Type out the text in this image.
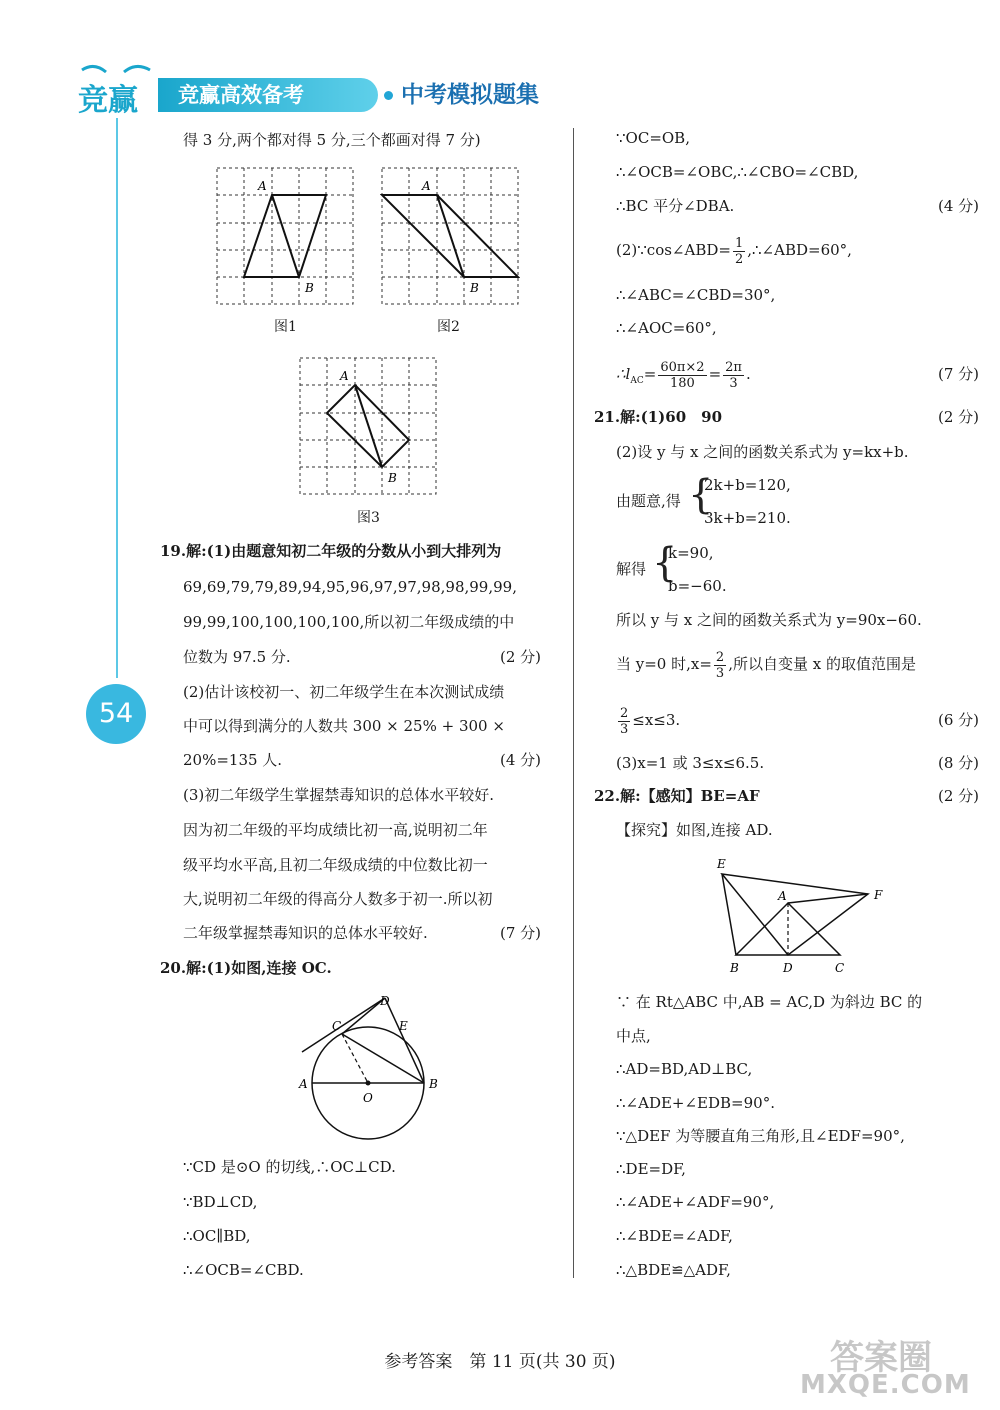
竞赢	竞赢高效备考	中考模拟题集
54
得 3 分,两个都对得 5 分,三个都画对得 7 分)
A
B
图1
A
B
图2
A
B
图3
19.解:(1)由题意知初二年级的分数从小到大排列为
69,69,79,79,89,94,95,96,97,97,98,98,99,99,
99,99,100,100,100,100,所以初二年级成绩的中
位数为 97.5 分.	(2 分)
(2)估计该校初一、初二年级学生在本次测试成绩
中可以得到满分的人数共 300 × 25% + 300 ×
20%=135 人.	(4 分)
(3)初二年级学生掌握禁毒知识的总体水平较好.
因为初二年级的平均成绩比初一高,说明初二年
级平均水平高,且初二年级成绩的中位数比初一
大,说明初二年级的得高分人数多于初一.所以初
二年级掌握禁毒知识的总体水平较好.	(7 分)
20.解:(1)如图,连接 OC.
A	B
C
D
E
O
∵CD 是⊙O 的切线,∴OC⊥CD.
∵BD⊥CD,
∴OC∥BD,
∴∠OCB=∠CBD.
∵OC=OB,
∴∠OCB=∠OBC,∴∠CBO=∠CBD,
∴BC 平分∠DBA.	(4 分)
(2)∵cos∠ABD= $\frac{1}{2}$ ,∴∠ABD=60°,
∴∠ABC=∠CBD=30°,
∴∠AOC=60°,
$\therefore l_{AC}= \frac{60\pi\times 2}{180} = \frac{2\pi}{3}$ .	(7 分)
21.解:(1)60　90	(2 分)
(2)设 y 与 x 之间的函数关系式为 y=kx+b.
由题意,得 {
2k+b=120,
3k+b=210.
解得 {
k=90,
b=−60.
所以 y 与 x 之间的函数关系式为 y=90x−60.
当 y=0 时$,x= \frac{2}{3}$ ,所以自变量 x 的取值范围是
$\frac{2}{3} \le x\le 3$.	(6 分)
(3)x=1 或 3≤x≤6.5.	(8 分)
22.解:【感知】BE=AF	(2 分)
【探究】如图,连接 AD.
E
A	F
B	D	C
∵ 在 Rt△ABC 中,AB = AC,D 为斜边 BC 的
中点,
∴AD=BD,AD⊥BC,
∴∠ADE+∠EDB=90°.
∵△DEF 为等腰直角三角形,且∠EDF=90°,
∴DE=DF,
∴∠ADE+∠ADF=90°,
∴∠BDE=∠ADF,
∴△BDE≌△ADF,
参考答案　第 11 页(共 30 页)	答案圈
MXQE.COM
